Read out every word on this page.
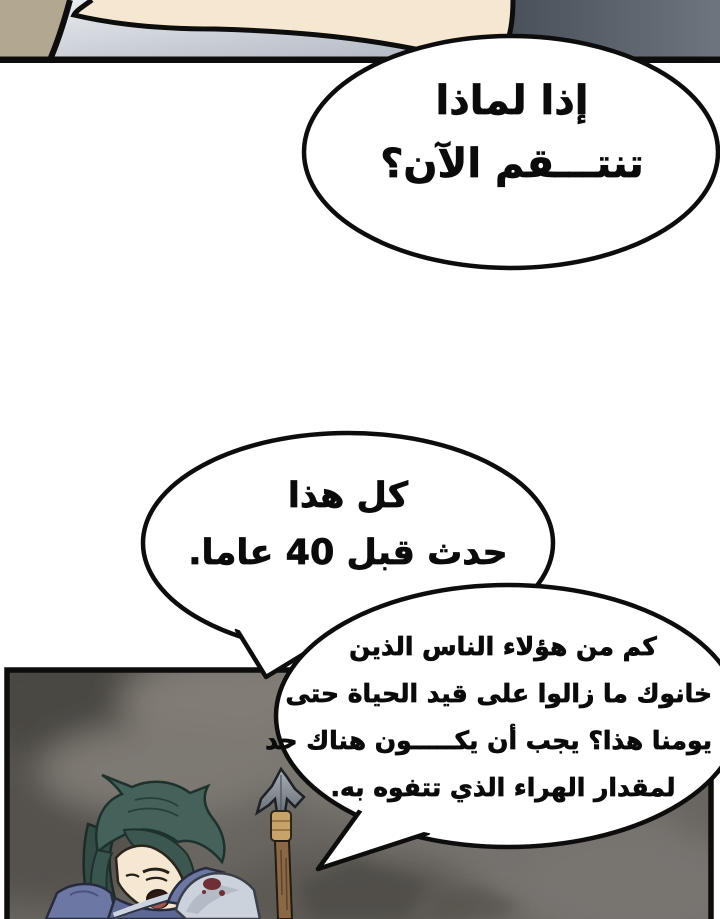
إذا لماذا
تنتـــقم الآن؟
كل هذا
حدث قبل 40 عاما.
كم من هؤلاء الناس الذين
خانوك ما زالوا على قيد الحياة حتى
يومنا هذا؟ يجب أن يكـــــون هناك حد
لمقدار الهراء الذي تتفوه به.
